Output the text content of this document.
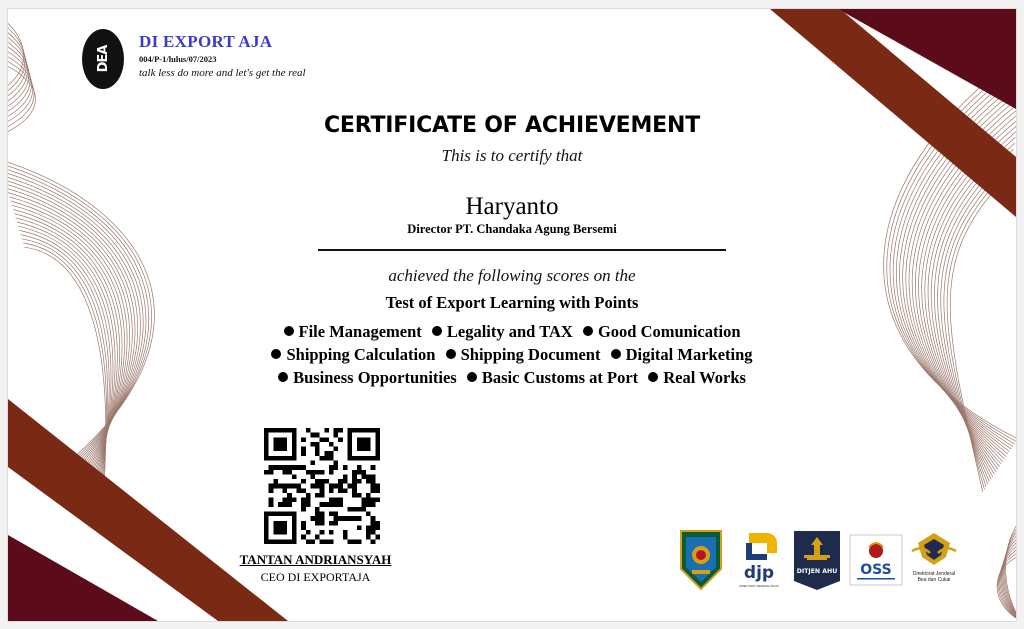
DEA
DI EXPORT AJA
004/P-1/lulus/07/2023
talk less do more and let's get the real
CERTIFICATE OF ACHIEVEMENT
This is to certify that
Haryanto
Director PT. Chandaka Agung Bersemi
achieved the following scores on the
Test of Export Learning with Points
File Management Legality and TAX Good Comunication
Shipping Calculation Shipping Document Digital Marketing
Business Opportunities Basic Customs at Port Real Works
TANTAN ANDRIANSYAH
CEO DI EXPORTAJA	djp
DIREKTORAT JENDERAL PAJAK
DITJEN AHU OSS	Direktorat Jenderal
Bea dan Cukai
